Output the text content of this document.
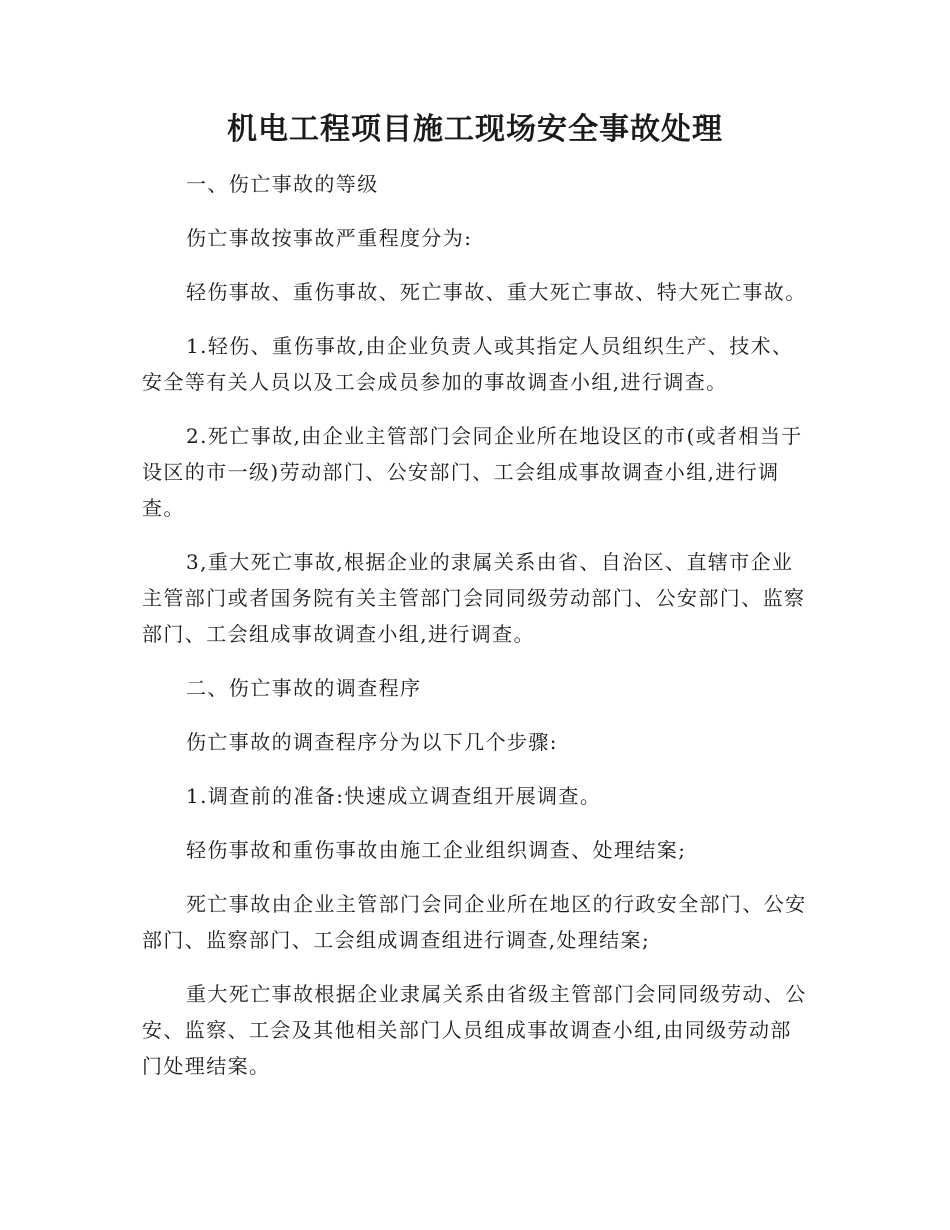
机电工程项目施工现场安全事故处理

一、伤亡事故的等级

伤亡事故按事故严重程度分为:

轻伤事故、重伤事故、死亡事故、重大死亡事故、特大死亡事故。

1.轻伤、重伤事故,由企业负责人或其指定人员组织生产、技术、安全等有关人员以及工会成员参加的事故调查小组,进行调查。

2.死亡事故,由企业主管部门会同企业所在地设区的市(或者相当于设区的市一级)劳动部门、公安部门、工会组成事故调查小组,进行调查。

3,重大死亡事故,根据企业的隶属关系由省、自治区、直辖市企业主管部门或者国务院有关主管部门会同同级劳动部门、公安部门、监察部门、工会组成事故调查小组,进行调查。

二、伤亡事故的调查程序

伤亡事故的调查程序分为以下几个步骤:

1.调查前的准备:快速成立调查组开展调查。

轻伤事故和重伤事故由施工企业组织调查、处理结案;

死亡事故由企业主管部门会同企业所在地区的行政安全部门、公安部门、监察部门、工会组成调查组进行调查,处理结案;

重大死亡事故根据企业隶属关系由省级主管部门会同同级劳动、公安、监察、工会及其他相关部门人员组成事故调查小组,由同级劳动部门处理结案。
